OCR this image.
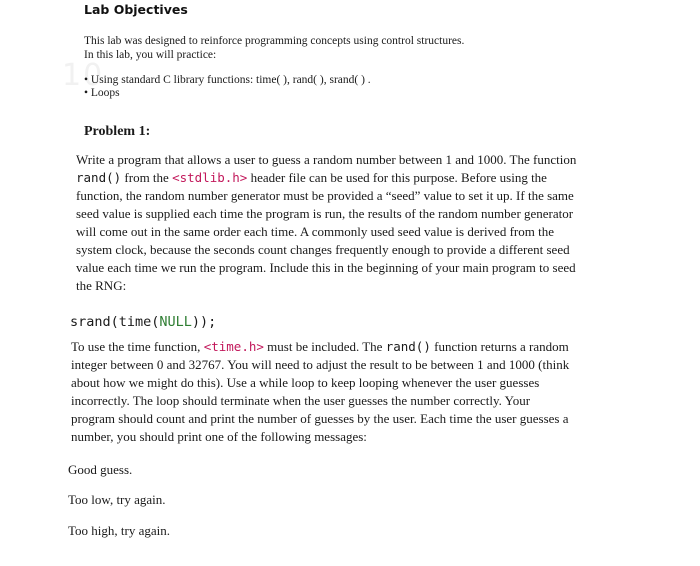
Lab Objectives
10
This lab was designed to reinforce programming concepts using control structures.
In this lab, you will practice:
• Using standard C library functions: time( ), rand( ), srand( ) .
• Loops
Problem 1:
Write a program that allows a user to guess a random number between 1 and 1000. The function
rand() from the <stdlib.h> header file can be used for this purpose. Before using the
function, the random number generator must be provided a “seed” value to set it up. If the same
seed value is supplied each time the program is run, the results of the random number generator
will come out in the same order each time. A commonly used seed value is derived from the
system clock, because the seconds count changes frequently enough to provide a different seed
value each time we run the program. Include this in the beginning of your main program to seed
the RNG:
srand(time(NULL));
To use the time function, <time.h> must be included. The rand() function returns a random
integer between 0 and 32767. You will need to adjust the result to be between 1 and 1000 (think
about how we might do this). Use a while loop to keep looping whenever the user guesses
incorrectly. The loop should terminate when the user guesses the number correctly. Your
program should count and print the number of guesses by the user. Each time the user guesses a
number, you should print one of the following messages:
Good guess.
Too low, try again.
Too high, try again.
